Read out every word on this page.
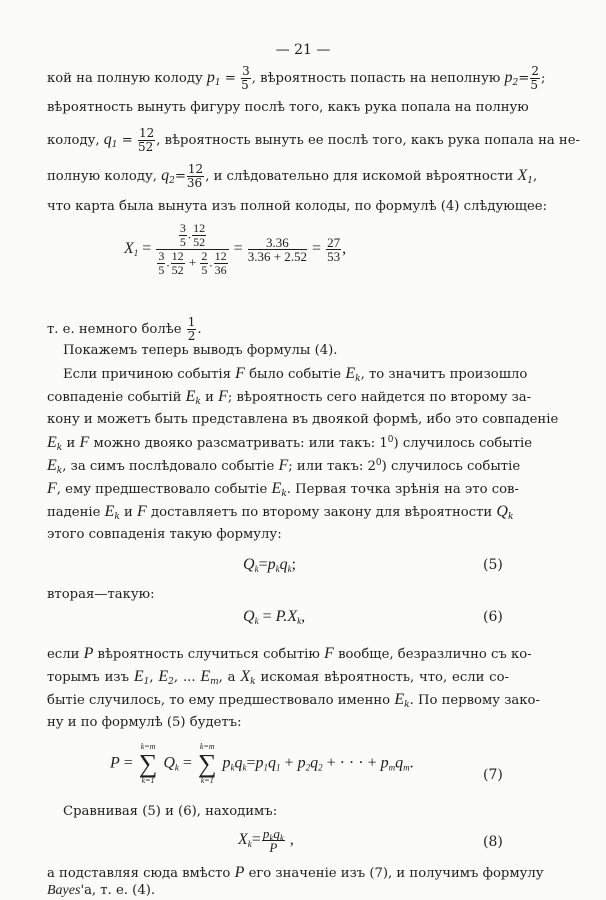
— 21 —
кой на полную колоду $p_1 = \frac{3}{5}$ , вѣроятность попасть на неполную $p_2= \frac{2}{5}$ ;
вѣроятность вынуть фигуру послѣ того, какъ рука попала на полную
колоду, $q_1 = \frac{12}{52}$ , вѣроятность вынуть ее послѣ того, какъ рука попала на не-
полную колоду, $q_2= \frac{12}{36}$ , и слѣдовательно для искомой вѣроятности $X_1$,
что карта была вынута изъ полной колоды, по формулѣ (4) слѣдующее:
$X_1 = \frac{\frac{3}{5} . \frac{12}{52}}{\frac{3}{5} . \frac{12}{52} + \frac{2}{5} . \frac{12}{36}} = \frac{3.36}{3.36 + 2.52} = \frac{27}{53}$ ,
т. е. немного болѣе $\frac{1}{2}$ .
Покажемъ теперь выводъ формулы (4).
Если причиною событія F было событіе $E_k$, то значитъ произошло
совпаденіе событій $E_k$ и F; вѣроятность сего найдется по второму за-
кону и можетъ быть представлена въ двоякой формѣ, ибо это совпаденіе
$E_k$ и F можно двояко разсматривать: или такъ: $1^0$) случилось событіе
$E_k$, за симъ послѣдовало событіе F; или такъ: $2^0$) случилось событіе
F, ему предшествовало событіе $E_k$. Первая точка зрѣнія на это сов-
паденіе $E_k$ и F доставляетъ по второму закону для вѣроятности $Q_k$
этого совпаденія такую формулу:
$Q_k=p_kq_k$;	(5)
вторая—такую:
$Q_k = P.X_k$,	(6)
если P вѣроятность случиться событію F вообще, безразлично съ ко-
торымъ изъ $E_1$, $E_2$, ... $E_m$, а $X_k$ искомая вѣроятность, что, если со-
бытіе случилось, то ему предшествовало именно $E_k$. По первому зако-
ну и по формулѣ (5) будетъ:
P =
k=m
∑
k=1
$Q_k$ =
k=m
∑
k=1
$p_kq_k=p_1q_1 + p_2q_2$ + · · · + $p_mq_m$.
(7)
Сравнивая (5) и (6), находимъ:
$X_k= \frac{p_kq_k}{P}$ ,	(8)
а подставляя сюда вмѣсто P его значеніе изъ (7), и получимъ формулу
Bayes'а, т. е. (4).
